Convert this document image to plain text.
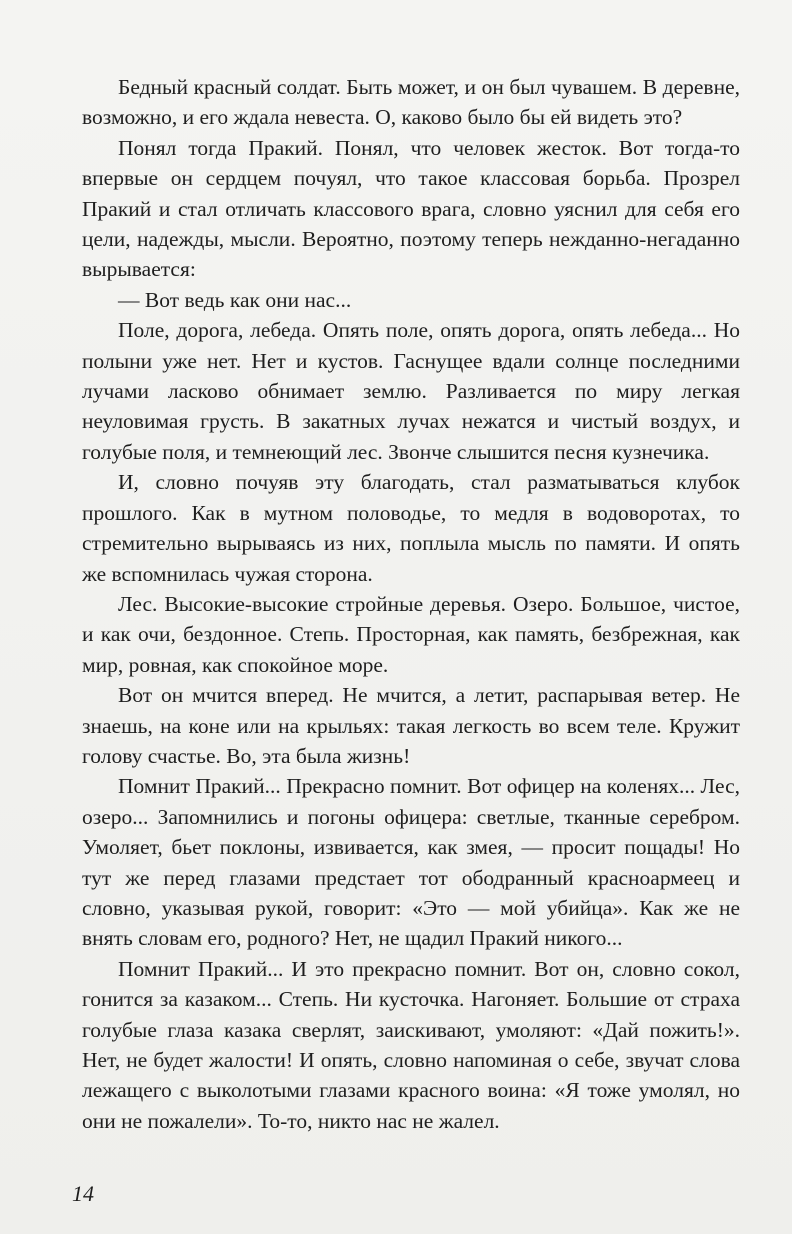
Бедный красный солдат. Быть может, и он был чувашем. В деревне, возможно, и его ждала невеста. О, каково было бы ей видеть это?

Понял тогда Пракий. Понял, что человек жесток. Вот тогда-то впервые он сердцем почуял, что такое классовая борьба. Прозрел Пракий и стал отличать классового врага, словно уяснил для себя его цели, надежды, мысли. Вероятно, поэтому теперь нежданно-негаданно вырывается:

— Вот ведь как они нас...

Поле, дорога, лебеда. Опять поле, опять дорога, опять лебеда... Но полыни уже нет. Нет и кустов. Гаснущее вдали солнце последними лучами ласково обнимает землю. Разливается по миру легкая неуловимая грусть. В закатных лучах нежатся и чистый воздух, и голубые поля, и темнеющий лес. Звонче слышится песня кузнечика.

И, словно почуяв эту благодать, стал разматываться клубок прошлого. Как в мутном половодье, то медля в водоворотах, то стремительно вырываясь из них, поплыла мысль по памяти. И опять же вспомнилась чужая сторона.

Лес. Высокие-высокие стройные деревья. Озеро. Большое, чистое, и как очи, бездонное. Степь. Просторная, как память, безбрежная, как мир, ровная, как спокойное море.

Вот он мчится вперед. Не мчится, а летит, распарывая ветер. Не знаешь, на коне или на крыльях: такая легкость во всем теле. Кружит голову счастье. Во, эта была жизнь!

Помнит Пракий... Прекрасно помнит. Вот офицер на коленях... Лес, озеро... Запомнились и погоны офицера: светлые, тканные серебром. Умоляет, бьет поклоны, извивается, как змея, — просит пощады! Но тут же перед глазами предстает тот ободранный красноармеец и словно, указывая рукой, говорит: «Это — мой убийца». Как же не внять словам его, родного? Нет, не щадил Пракий никого...

Помнит Пракий... И это прекрасно помнит. Вот он, словно сокол, гонится за казаком... Степь. Ни кусточка. Нагоняет. Большие от страха голубые глаза казака сверлят, заискивают, умоляют: «Дай пожить!». Нет, не будет жалости! И опять, словно напоминая о себе, звучат слова лежащего с выколотыми глазами красного воина: «Я тоже умолял, но они не пожалели». То-то, никто нас не жалел.

14
